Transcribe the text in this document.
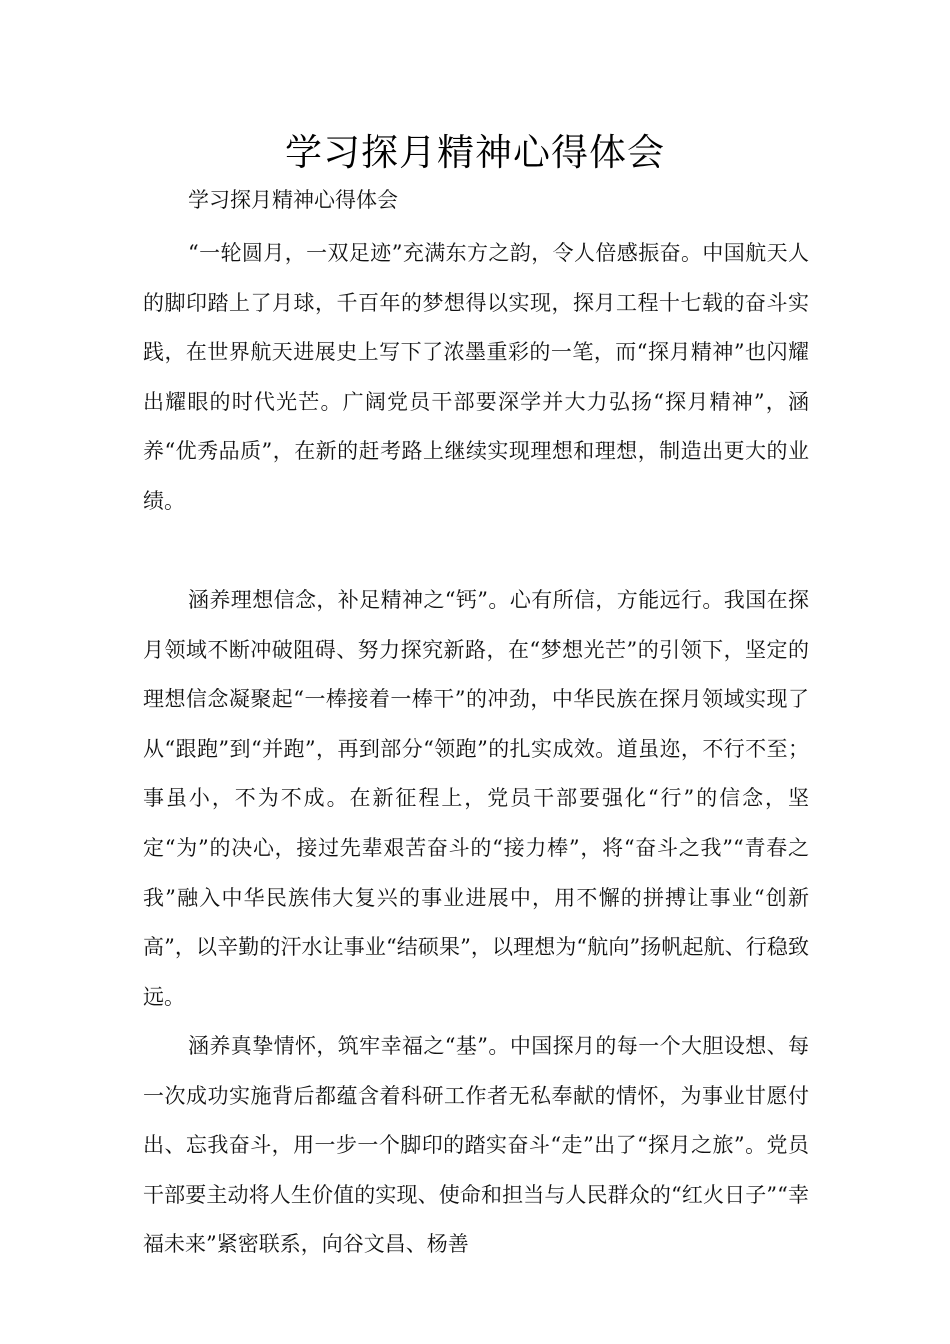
学习探月精神心得体会

学习探月精神心得体会

“一轮圆月，一双足迹”充满东方之韵，令人倍感振奋。中国航天人的脚印踏上了月球，千百年的梦想得以实现，探月工程十七载的奋斗实践，在世界航天进展史上写下了浓墨重彩的一笔，而“探月精神”也闪耀出耀眼的时代光芒。广阔党员干部要深学并大力弘扬“探月精神”，涵养“优秀品质”，在新的赶考路上继续实现理想和理想，制造出更大的业绩。

涵养理想信念，补足精神之“钙”。心有所信，方能远行。我国在探月领域不断冲破阻碍、努力探究新路，在“梦想光芒”的引领下，坚定的理想信念凝聚起“一棒接着一棒干”的冲劲，中华民族在探月领域实现了从“跟跑”到“并跑”，再到部分“领跑”的扎实成效。道虽迩，不行不至；事虽小，不为不成。在新征程上，党员干部要强化“行”的信念，坚定“为”的决心，接过先辈艰苦奋斗的“接力棒”，将“奋斗之我”“青春之我”融入中华民族伟大复兴的事业进展中，用不懈的拼搏让事业“创新高”，以辛勤的汗水让事业“结硕果”，以理想为“航向”扬帆起航、行稳致远。

涵养真挚情怀，筑牢幸福之“基”。中国探月的每一个大胆设想、每一次成功实施背后都蕴含着科研工作者无私奉献的情怀，为事业甘愿付出、忘我奋斗，用一步一个脚印的踏实奋斗“走”出了“探月之旅”。党员干部要主动将人生价值的实现、使命和担当与人民群众的“红火日子”“幸福未来”紧密联系，向谷文昌、杨善
